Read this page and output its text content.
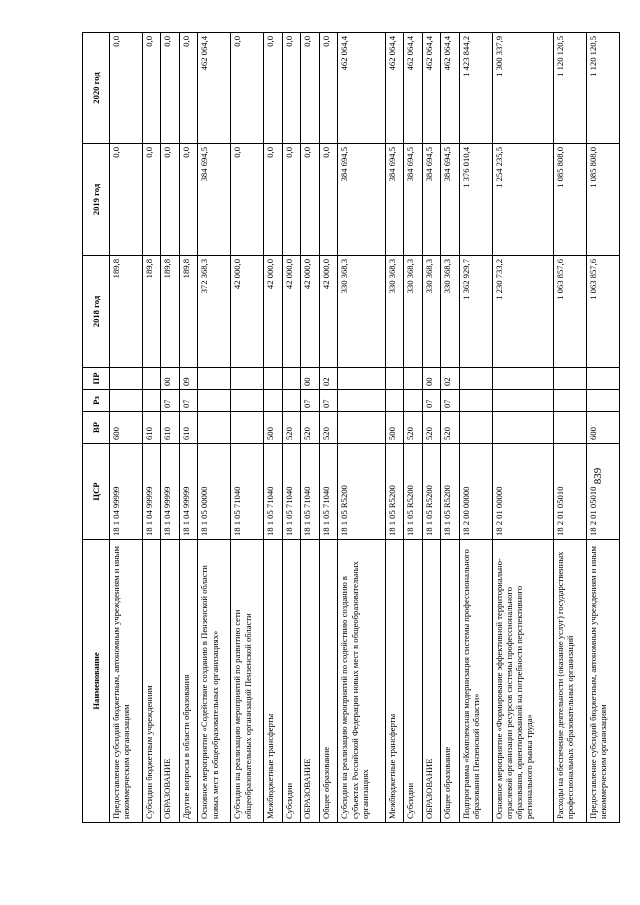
839
Наименование	ЦСР	ВР	Рз	ПР	2018 год	2019 год	2020 год
Предоставление субсидий бюджетным, автономным учреждениям и иным некоммерческим организациям	18 1 04 99999	600			189,8	0,0	0,0
Субсидии бюджетным учреждениям	18 1 04 99999	610			189,8	0,0	0,0
ОБРАЗОВАНИЕ	18 1 04 99999	610	07	00	189,8	0,0	0,0
Другие вопросы в области образования	18 1 04 99999	610	07	09	189,8	0,0	0,0
Основное мероприятие «Содействие созданию в Пензенской области новых мест в общеобразовательных организациях»	18 1 05 00000				372 368,3	384 694,5	462 064,4
Субсидии на реализацию мероприятий по развитию сети общеобразовательных организаций Пензенской области	18 1 05 71040				42 000,0	0,0	0,0
Межбюджетные трансферты	18 1 05 71040	500			42 000,0	0,0	0,0
Субсидии	18 1 05 71040	520			42 000,0	0,0	0,0
ОБРАЗОВАНИЕ	18 1 05 71040	520	07	00	42 000,0	0,0	0,0
Общее образование	18 1 05 71040	520	07	02	42 000,0	0,0	0,0
Субсидии на реализацию мероприятий по содействию созданию в субъектах Российской Федерации новых мест в общеобразовательных организациях	18 1 05 R5200				330 368,3	384 694,5	462 064,4
Межбюджетные трансферты	18 1 05 R5200	500			330 368,3	384 694,5	462 064,4
Субсидии	18 1 05 R5200	520			330 368,3	384 694,5	462 064,4
ОБРАЗОВАНИЕ	18 1 05 R5200	520	07	00	330 368,3	384 694,5	462 064,4
Общее образование	18 1 05 R5200	520	07	02	330 368,3	384 694,5	462 064,4
Подпрограмма «Комплексная модернизация системы профессионального образования Пензенской области»	18 2 00 00000				1 362 929,7	1 376 010,4	1 423 844,2
Основное мероприятие «Формирование эффективной территориально-отраслевой организации ресурсов системы профессионального образования, ориентированной на потребности перспективного регионального рынка труда»	18 2 01 00000				1 230 733,2	1 254 235,5	1 300 337,9
Расходы на обеспечение деятельности (оказание услуг) государственных профессиональных образовательных организаций	18 2 01 05010				1 063 857,6	1 085 808,0	1 120 120,5
Предоставление субсидий бюджетным, автономным учреждениям и иным некоммерческим организациям	18 2 01 05010	600			1 063 857,6	1 085 808,0	1 120 120,5
